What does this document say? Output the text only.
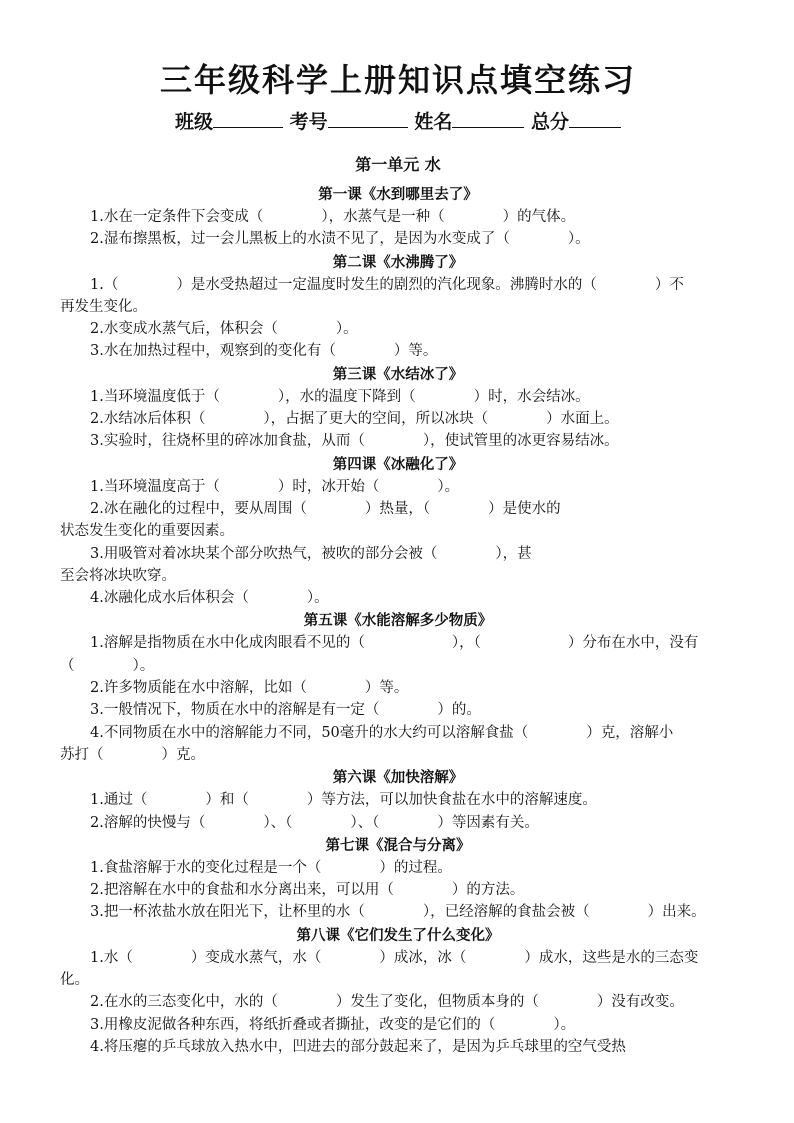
三年级科学上册知识点填空练习
班级	考号	姓名	总分
第一单元 水
第一课《水到哪里去了》

1.水在一定条件下会变成（　　　　），水蒸气是一种（　　　　）的气体。

2.湿布擦黑板，过一会儿黑板上的水渍不见了，是因为水变成了（　　　　）。

第二课《水沸腾了》

1.（　　　　）是水受热超过一定温度时发生的剧烈的汽化现象。沸腾时水的（　　　　）不

再发生变化。

2.水变成水蒸气后，体积会（　　　　）。

3.水在加热过程中，观察到的变化有（　　　　）等。

第三课《水结冰了》

1.当环境温度低于（　　　　），水的温度下降到（　　　　）时，水会结冰。

2.水结冰后体积（　　　　），占据了更大的空间，所以冰块（　　　　）水面上。

3.实验时，往烧杯里的碎冰加食盐，从而（　　　　），使试管里的冰更容易结冰。

第四课《冰融化了》

1.当环境温度高于（　　　　）时，冰开始（　　　　）。

2.冰在融化的过程中，要从周围（　　　　）热量，（　　　　）是使水的

状态发生变化的重要因素。

3.用吸管对着冰块某个部分吹热气，被吹的部分会被（　　　　），甚

至会将冰块吹穿。

4.冰融化成水后体积会（　　　　）。

第五课《水能溶解多少物质》

1.溶解是指物质在水中化成肉眼看不见的（　　　　　　），（　　　　　　）分布在水中，没有

（　　　　）。

2.许多物质能在水中溶解，比如（　　　　）等。

3.一般情况下，物质在水中的溶解是有一定（　　　　）的。

4.不同物质在水中的溶解能力不同，50毫升的水大约可以溶解食盐（　　　　）克，溶解小

苏打（　　　　）克。

第六课《加快溶解》

1.通过（　　　　）和（　　　　）等方法，可以加快食盐在水中的溶解速度。

2.溶解的快慢与（　　　　）、（　　　　）、（　　　　）等因素有关。

第七课《混合与分离》

1.食盐溶解于水的变化过程是一个（　　　　）的过程。

2.把溶解在水中的食盐和水分离出来，可以用（　　　　）的方法。

3.把一杯浓盐水放在阳光下，让杯里的水（　　　　），已经溶解的食盐会被（　　　　）出来。

第八课《它们发生了什么变化》

1.水（　　　　）变成水蒸气，水（　　　　）成冰，冰（　　　　）成水，这些是水的三态变

化。

2.在水的三态变化中，水的（　　　　）发生了变化，但物质本身的（　　　　）没有改变。

3.用橡皮泥做各种东西，将纸折叠或者撕扯，改变的是它们的（　　　　）。

4.将压瘪的乒乓球放入热水中，凹进去的部分鼓起来了，是因为乒乓球里的空气受热
